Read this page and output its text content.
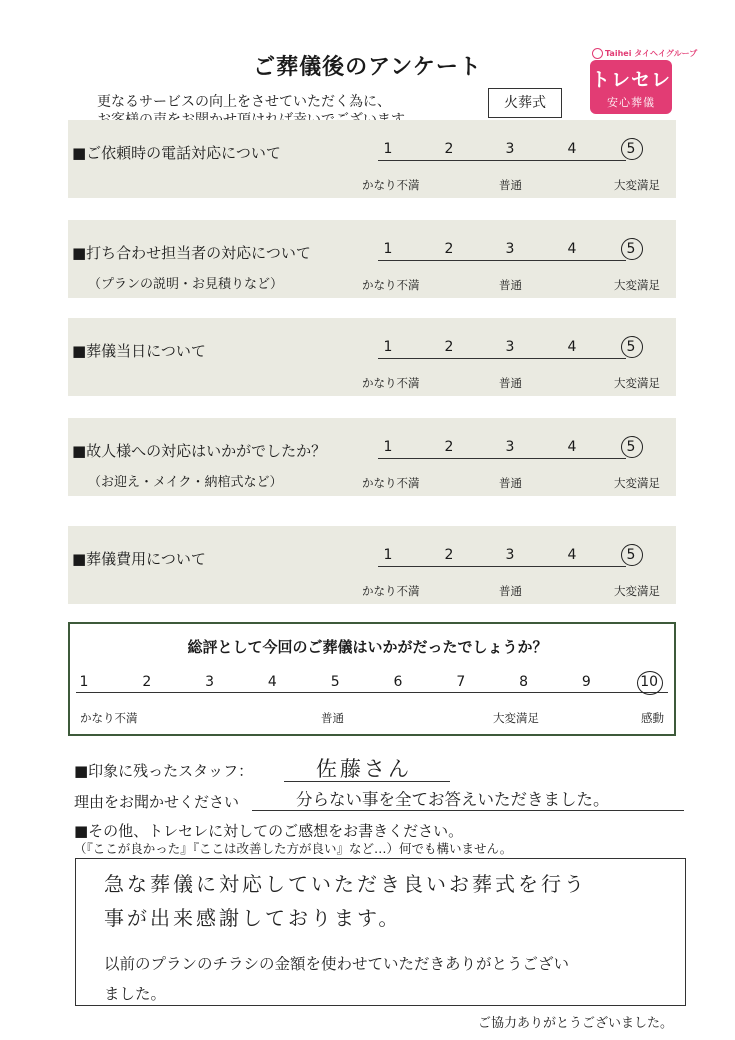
ご葬儀後のアンケート
更なるサービスの向上をさせていただく為に、	火葬式
Taihei タイヘイグループ
トレセレ
安心葬儀
■ご依頼時の電話対応について	1	2	3	4	5
かなり不満	普通	大変満足
■打ち合わせ担当者の対応について
（プランの説明・お見積りなど）
1	2	3	4	5
かなり不満	普通	大変満足
■葬儀当日について	1	2	3	4	5
かなり不満	普通	大変満足
■故人様への対応はいかがでしたか？
（お迎え・メイク・納棺式など）
1	2	3	4	5
かなり不満	普通	大変満足
■葬儀費用について	1	2	3	4	5
かなり不満	普通	大変満足
総評として今回のご葬儀はいかがだったでしょうか？
1	2	3	4	5	6	7	8	9	10
かなり不満	普通	大変満足	感動
■印象に残ったスタッフ：	佐藤さん
理由をお聞かせください	分らない事を全てお答えいただきました。
■その他、トレセレに対してのご感想をお書きください。
（『ここが良かった』『ここは改善した方が良い』など…）何でも構いません。
急な葬儀に対応していただき良いお葬式を行う
事が出来感謝しております。
以前のプランのチラシの金額を使わせていただきありがとうござい
ました。
ご協力ありがとうございました。
